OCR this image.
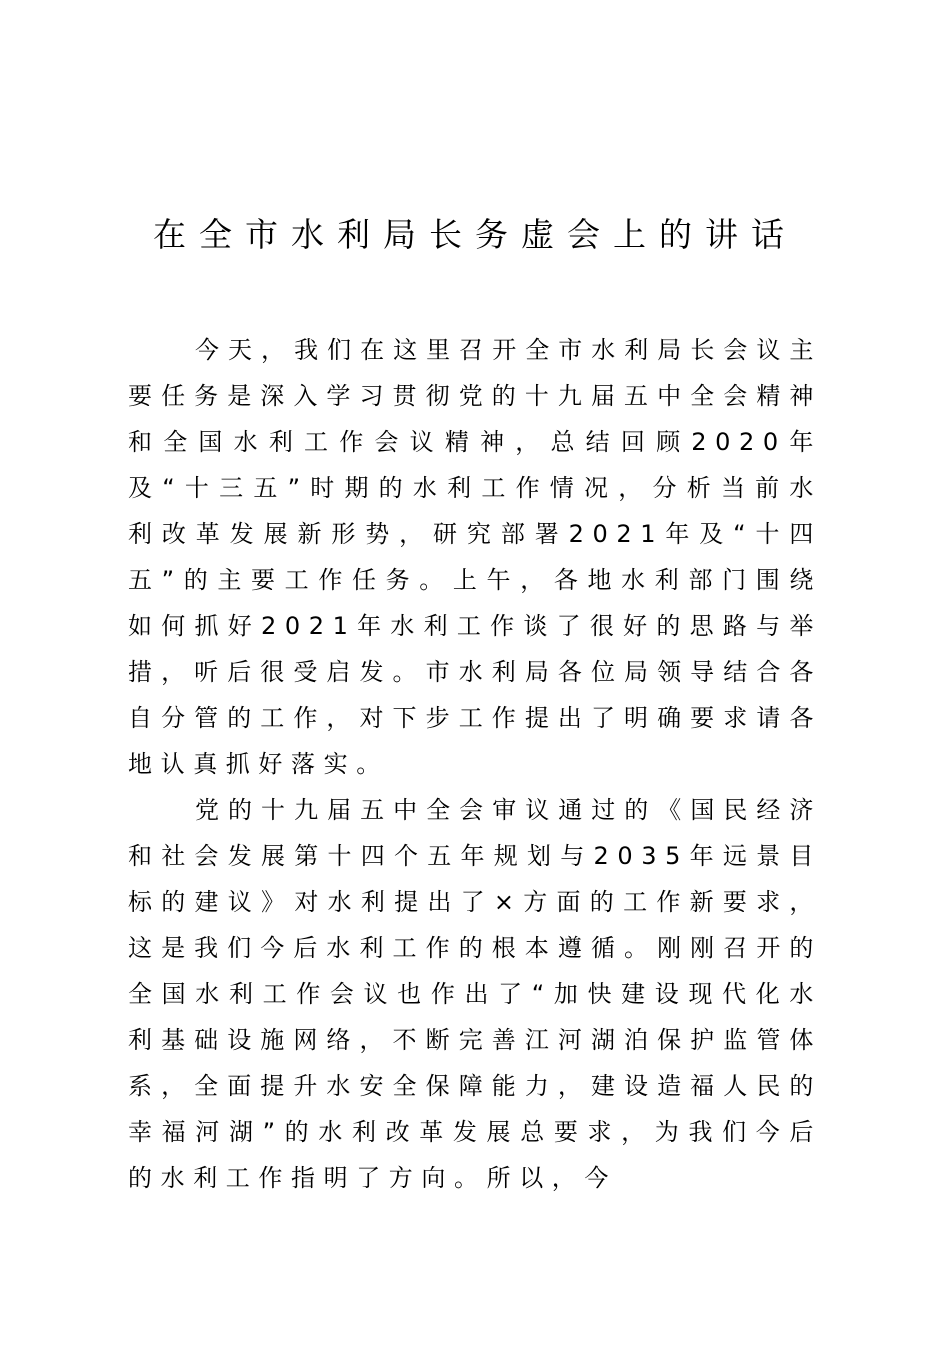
在全市水利局长务虚会上的讲话

今天，我们在这里召开全市水利局长会议主要任务是深入学习贯彻党的十九届五中全会精神和全国水利工作会议精神，总结回顾2020年及“十三五”时期的水利工作情况，分析当前水利改革发展新形势，研究部署2021年及“十四五”的主要工作任务。上午，各地水利部门围绕如何抓好2021年水利工作谈了很好的思路与举措，听后很受启发。市水利局各位局领导结合各自分管的工作，对下步工作提出了明确要求请各地认真抓好落实。

党的十九届五中全会审议通过的《国民经济和社会发展第十四个五年规划与2035年远景目标的建议》对水利提出了×方面的工作新要求，这是我们今后水利工作的根本遵循。刚刚召开的全国水利工作会议也作出了“加快建设现代化水利基础设施网络，不断完善江河湖泊保护监管体系，全面提升水安全保障能力，建设造福人民的幸福河湖”的水利改革发展总要求，为我们今后的水利工作指明了方向。所以，今
